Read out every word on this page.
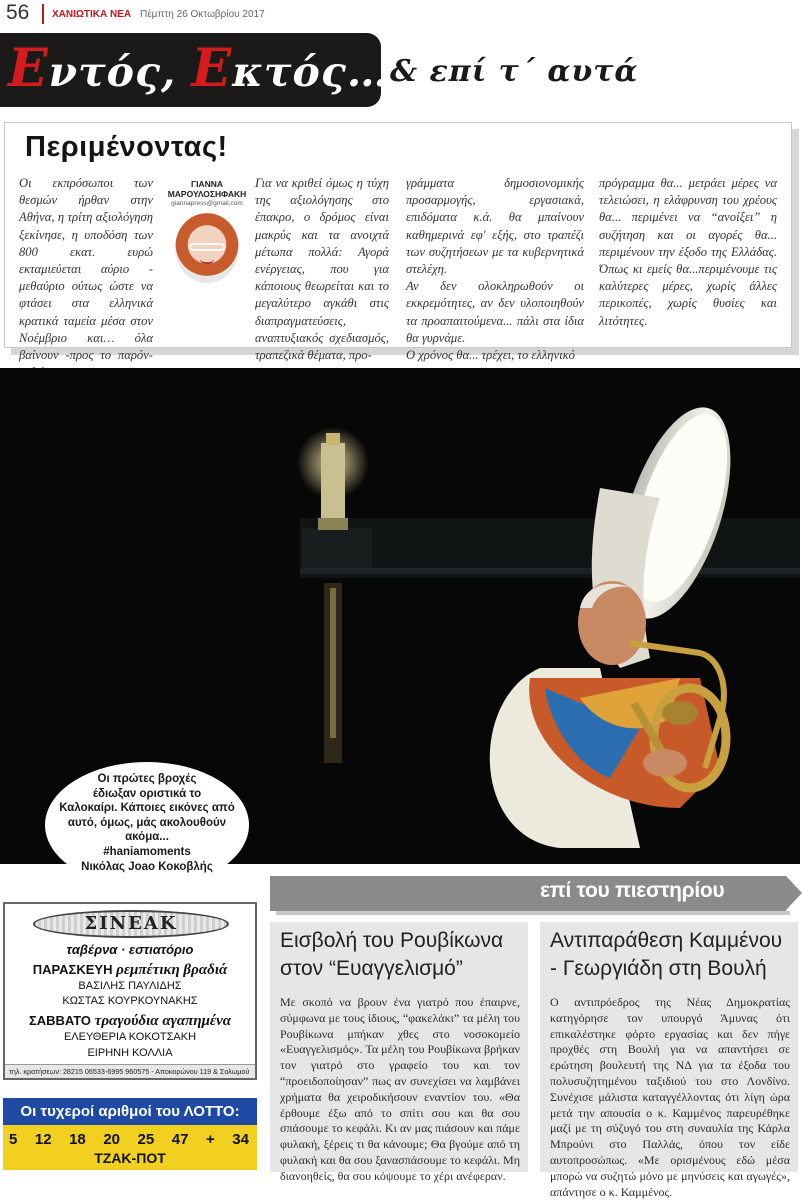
56 ΧΑΝΙΩΤΙΚΑ ΝΕΑ Πέμπτη 26 Οκτωβρίου 2017
Εντός, Εκτός… & επί τ΄ αυτά
Περιμένοντας!
Οι εκπρόσωποι των θεσμών ήρθαν στην Αθήνα, η τρίτη αξιολόγηση ξεκίνησε, η υποδόση των 800 εκατ. ευρώ εκταμιεύεται αύριο - μεθαύριο ούτως ώστε να φτάσει στα ελληνικά κρατικά ταμεία μέσα στον Νοέμβριο και… όλα βαίνουν -προς το παρόν-
ΓΙΑΝΝΑ
ΜΑΡΟΥΛΟΣΗΦΑΚΗ
giannapress@gmail.com
Για να κριθεί όμως η τύχη της αξιολόγησης στο έπακρο, ο δρόμος είναι μακρύς και τα ανοιχτά μέτωπα πολλά: Αγορά ενέργειας, που για κάποιους θεωρείται και το μεγαλύτερο αγκάθι στις διαπραγματεύσεις, αναπτυξιακός σχεδιασμός, τραπεζικά θέματα, προ-
γράμματα δημοσιονομικής προσαρμογής, εργασιακά, επιδόματα κ.ά. θα μπαίνουν καθημερινά εφ' εξής, στο τραπέζι των συζητήσεων με τα κυβερνητικά στελέχη.
Αν δεν ολοκληρωθούν οι εκκρεμότητες, αν δεν υλοποιηθούν τα προαπαιτούμενα... πάλι στα ίδια θα γυρνάμε.
Ο χρόνος θα... τρέχει, το ελληνικό
πρόγραμμα θα... μετράει μέρες να τελειώσει, η ελάφρυνση του χρέους θα... περιμένει να “ανοίξει” η συζήτηση και οι αγορές θα... περιμένουν την έξοδο της Ελλάδας. Όπως κι εμείς θα...περιμένουμε τις καλύτερες μέρες, χωρίς άλλες περικοπές, χωρίς θυσίες και λιτότητες.
Οι πρώτες βροχές
έδιωξαν οριστικά το
Καλοκαίρι. Κάποιες εικόνες από
αυτό, όμως, μάς ακολουθούν
ακόμα...
#haniamoments
Νικόλας Joao Κοκοβλής
ΣΙΝΕΑΚ
ταβέρνα · εστιατόριο
ΠΑΡΑΣΚΕΥΗ ρεμπέτικη βραδιά
ΒΑΣΙΛΗΣ ΠΑΥΛΙΔΗΣ
ΚΩΣΤΑΣ ΚΟΥΡΚΟΥΝΑΚΗΣ
ΣΑΒΒΑΤΟ τραγούδια αγαπημένα
ΕΛΕΥΘΕΡΙΑ ΚΟΚΟΤΣΑΚΗ
ΕΙΡΗΝΗ ΚΟΛΛΙΑ
τηλ. κρατήσεων: 28215 06533-6995 960575 - Αποκορώνου 119 & Σολωμού
Οι τυχεροί αριθμοί του ΛΟΤΤΟ:
5 12 18 20 25 47 + 34
ΤΖΑΚ-ΠΟΤ
επί του πιεστηρίου
Εισβολή του Ρουβίκωνα στον “Ευαγγελισμό”
Με σκοπό να βρουν ένα γιατρό που έπαιρνε, σύμφωνα με τους ίδιους, “φακελάκι” τα μέλη του Ρουβίκωνα μπήκαν χθες στο νοσοκομείο «Ευαγγελισμός». Τα μέλη του Ρουβίκωνα βρήκαν τον γιατρό στο γραφείο του και τον “προειδοποίησαν” πως αν συνεχίσει να λαμβάνει χρήματα θα χειροδικήσουν εναντίον του. «Θα έρθουμε έξω από το σπίτι σου και θα σου σπάσουμε το κεφάλι. Κι αν μας πιάσουν και πάμε φυλακή, ξέρεις τι θα κάνουμε; Θα βγούμε από τη φυλακή και θα σου ξανασπάσουμε το κεφάλι. Μη διανοηθείς, θα σου κόψουμε το χέρι ανέφεραν.
Αντιπαράθεση Καμμένου - Γεωργιάδη στη Βουλή
Ο αντιπρόεδρος της Νέας Δημοκρατίας κατηγόρησε τον υπουργό Άμυνας ότι επικαλέστηκε φόρτο εργασίας και δεν πήγε προχθές στη Βουλή για να απαντήσει σε ερώτηση βουλευτή της ΝΔ για τα έξοδα του πολυσυζητημένου ταξιδιού του στο Λονδίνο. Συνέχισε μάλιστα καταγγέλλοντας ότι λίγη ώρα μετά την απουσία ο κ. Καμμένος παρευρέθηκε μαζί με τη σύζυγό του στη συναυλία της Κάρλα Μπρούνι στο Παλλάς, όπου τον είδε αυτοπροσώπως. «Με ορισμένους εδώ μέσα μπορώ να συζητώ μόνο με μηνύσεις και αγωγές», απάντησε ο κ. Καμμένος.
